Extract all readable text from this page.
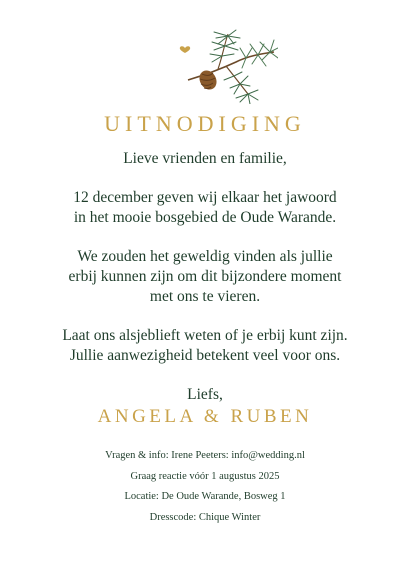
UITNODIGING
Lieve vrienden en familie,
12 december geven wij elkaar het jawoord
in het mooie bosgebied de Oude Warande.
We zouden het geweldig vinden als jullie
erbij kunnen zijn om dit bijzondere moment
met ons te vieren.
Laat ons alsjeblieft weten of je erbij kunt zijn.
Jullie aanwezigheid betekent veel voor ons.
Liefs,
ANGELA & RUBEN
Vragen & info: Irene Peeters: info@wedding.nl
Graag reactie vóór 1 augustus 2025
Locatie: De Oude Warande, Bosweg 1
Dresscode: Chique Winter
